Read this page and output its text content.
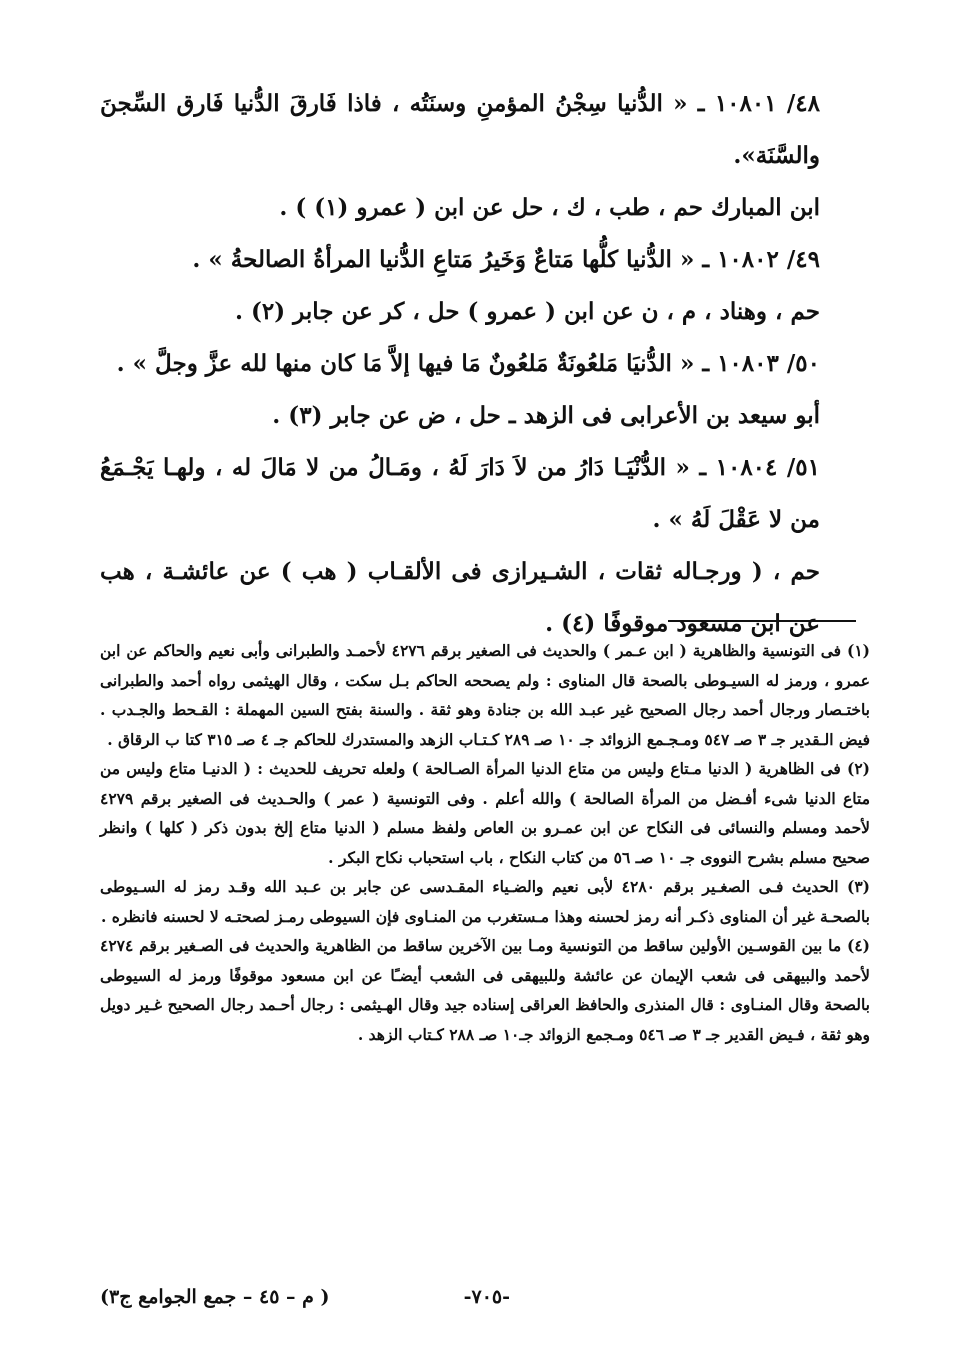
٤٨/ ١٠٨٠١ ـ « الدُّنيا سِجْنُ المؤمنِ وسنَتُه ، فاذا فَارقَ الدُّنيا فَارق السِّجنَ والسَّنَة».

ابن المبارك حم ، طب ، ك ، حل عن ابن ( عمرو (١) ) .

٤٩/ ١٠٨٠٢ ـ « الدُّنيا كلُّها مَتاعٌ وَخَيرُ مَتاعِ الدُّنيا المرأةُ الصالحةُ » .

حم ، وهناد ، م ، ن عن ابن ( عمرو ) حل ، كر عن جابر (٢) .

٥٠/ ١٠٨٠٣ ـ « الدُّنيَا مَلعُونَةٌ مَلعُونٌ مَا فيها إلاَّ مَا كان منها لله عزَّ وجلَّ » .

أبو سيعد بن الأعرابى فى الزهد ـ حل ، ض عن جابر (٣) .

٥١/ ١٠٨٠٤ ـ « الدُّنْيَـا دَارُ من لاَ دَارَ لَهُ ، ومَـالُ من لا مَالَ له ، ولهـا يَجْـمَعُ من لا عَقْلَ لَهُ » .

حم ، ( ورجـاله ثقات ، الشـيرازى فى الألقـاب ( هب ) عن عائشـة ، هب عن ابن مسعود موقوفًا (٤) .

(١) فى التونسية والظاهرية ( ابن عـمر ) والحديث فى الصغير برقم ٤٢٧٦ لأحمـد والطبرانى وأبى نعيم والحاكم عن ابن عمرو ، ورمز له السيـوطى بالصحة قال المناوى : ولم يصححه الحاكم بـل سكت ، وقال الهيثمى رواه أحمد والطبرانى باختـصار ورجال أحمد رجال الصحيح غير عبـد الله بن جنادة وهو ثقة . والسنة بفتح السين المهملة : القـحط والجـدب . فيض الـقدير جـ ٣ صـ ٥٤٧ ومـجـمع الزوائد جـ ١٠ صـ ٢٨٩ كـتـاب الزهد والمستدرك للحاكم جـ ٤ صـ ٣١٥ كتا ب الرقاق .

(٢) فى الظاهرية ( الدنيا مـتاع وليس من متاع الدنيا المرأة الصـالحة ) ولعله تحريف للحديث : ( الدنيـا متاع وليس من متاع الدنيا شىء أفـضل من المرأة الصالحة ) والله أعلم . وفى التونسية ( عمر ) والحـديث فى الصغير برقم ٤٢٧٩ لأحمد ومسلم والنسائى فى النكاح عن ابن عمـرو بن العاص ولفظ مسلم ( الدنيا متاع إلخ بدون ذكر ( كلها ) وانظر صحيح مسلم بشرح النووى جـ ١٠ صـ ٥٦ من كتاب النكاح ، باب استحباب نكاح البكر .

(٣) الحديث فـى الصغـير برقم ٤٢٨٠ لأبى نعيم والضـياء المقـدسى عن جابر بن عـبد الله وقـد رمز له السـيوطى بالصحـة غير أن المناوى ذكـر أنه رمز لحسنه وهذا مـستغرب من المنـاوى فإن السيوطى رمـز لصحتـه لا لحسنه فانظره .

(٤) ما بين القوسـين الأولين ساقط من التونسية ومـا بين الآخرين ساقط من الظاهرية والحديث فى الصـغير برقم ٤٢٧٤ لأحمد والبيهقى فى شعب الإيمان عن عائشة وللبيهقى فى الشعب أيضـًا عن ابن مسعود موقوفًا ورمز له السيوطى بالصحة وقال المنـاوى : قال المنذرى والحافظ العراقى إسناده جيد وقال الهـيثمى : رجال أحـمد رجال الصحيح غـير دويل وهو ثقة ، فـيض القدير جـ ٣ صـ ٥٤٦ ومـجمع الزوائد جـ١٠ صـ ٢٨٨ كـتاب الزهد .

-٧٠٥-
( م – ٤٥ – جمع الجوامع ج٣)
